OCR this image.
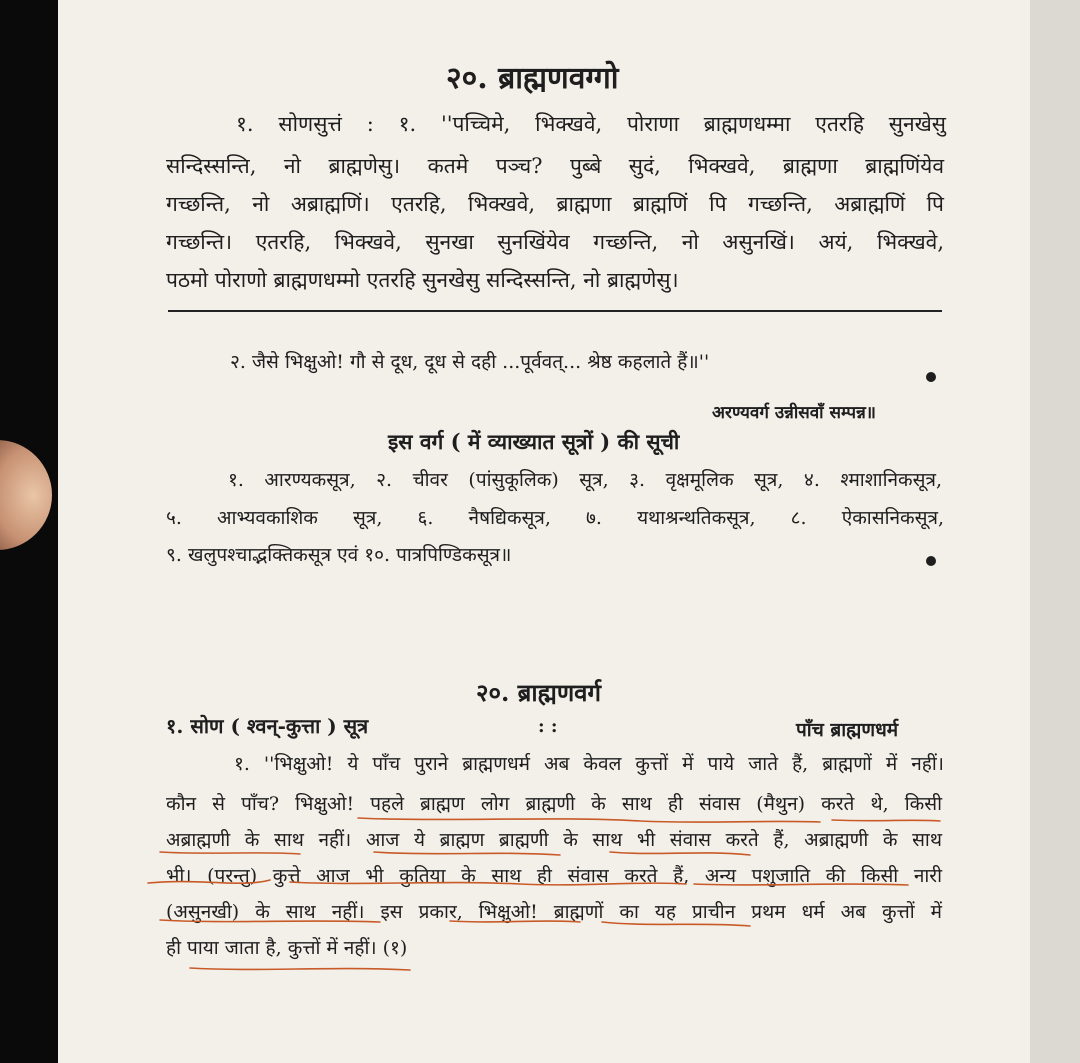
२०. ब्राह्मणवग्गो
१. सोणसुत्तं : १. ''पच्चिमे, भिक्खवे, पोराणा ब्राह्मणधम्मा एतरहि सुनखेसु
सन्दिस्सन्ति, नो ब्राह्मणेसु। कतमे पञ्च? पुब्बे सुदं, भिक्खवे, ब्राह्मणा ब्राह्मणिंयेव
गच्छन्ति, नो अब्राह्मणिं। एतरहि, भिक्खवे, ब्राह्मणा ब्राह्मणिं पि गच्छन्ति, अब्राह्मणिं पि
गच्छन्ति। एतरहि, भिक्खवे, सुनखा सुनखिंयेव गच्छन्ति, नो असुनखिं। अयं, भिक्खवे,
पठमो पोराणो ब्राह्मणधम्मो एतरहि सुनखेसु सन्दिस्सन्ति, नो ब्राह्मणेसु।
२. जैसे भिक्षुओ! गौ से दूध, दूध से दही ...पूर्ववत्... श्रेष्ठ कहलाते हैं॥''
अरण्यवर्ग उन्नीसवाँ सम्पन्न॥
इस वर्ग ( में व्याख्यात सूत्रों ) की सूची
१. आरण्यकसूत्र, २. चीवर (पांसुकूलिक) सूत्र, ३. वृक्षमूलिक सूत्र, ४. श्माशानिकसूत्र,
५. आभ्यवकाशिक सूत्र, ६. नैषद्यिकसूत्र, ७. यथाश्रन्थतिकसूत्र, ८. ऐकासनिकसूत्र,
९. खलुपश्चाद्भक्तिकसूत्र एवं १०. पात्रपिण्डिकसूत्र॥
२०. ब्राह्मणवर्ग
१. सोण ( श्वन्-कुत्ता ) सूत्र	: :	पाँच ब्राह्मणधर्म
१. ''भिक्षुओ! ये पाँच पुराने ब्राह्मणधर्म अब केवल कुत्तों में पाये जाते हैं, ब्राह्मणों में नहीं।
कौन से पाँच? भिक्षुओ! पहले ब्राह्मण लोग ब्राह्मणी के साथ ही संवास (मैथुन) करते थे, किसी
अब्राह्मणी के साथ नहीं। आज ये ब्राह्मण ब्राह्मणी के साथ भी संवास करते हैं, अब्राह्मणी के साथ
भी। (परन्तु) कुत्ते आज भी कुतिया के साथ ही संवास करते हैं, अन्य पशुजाति की किसी नारी
(असुनखी) के साथ नहीं। इस प्रकार, भिक्षुओ! ब्राह्मणों का यह प्राचीन प्रथम धर्म अब कुत्तों में
ही पाया जाता है, कुत्तों में नहीं। (१)
